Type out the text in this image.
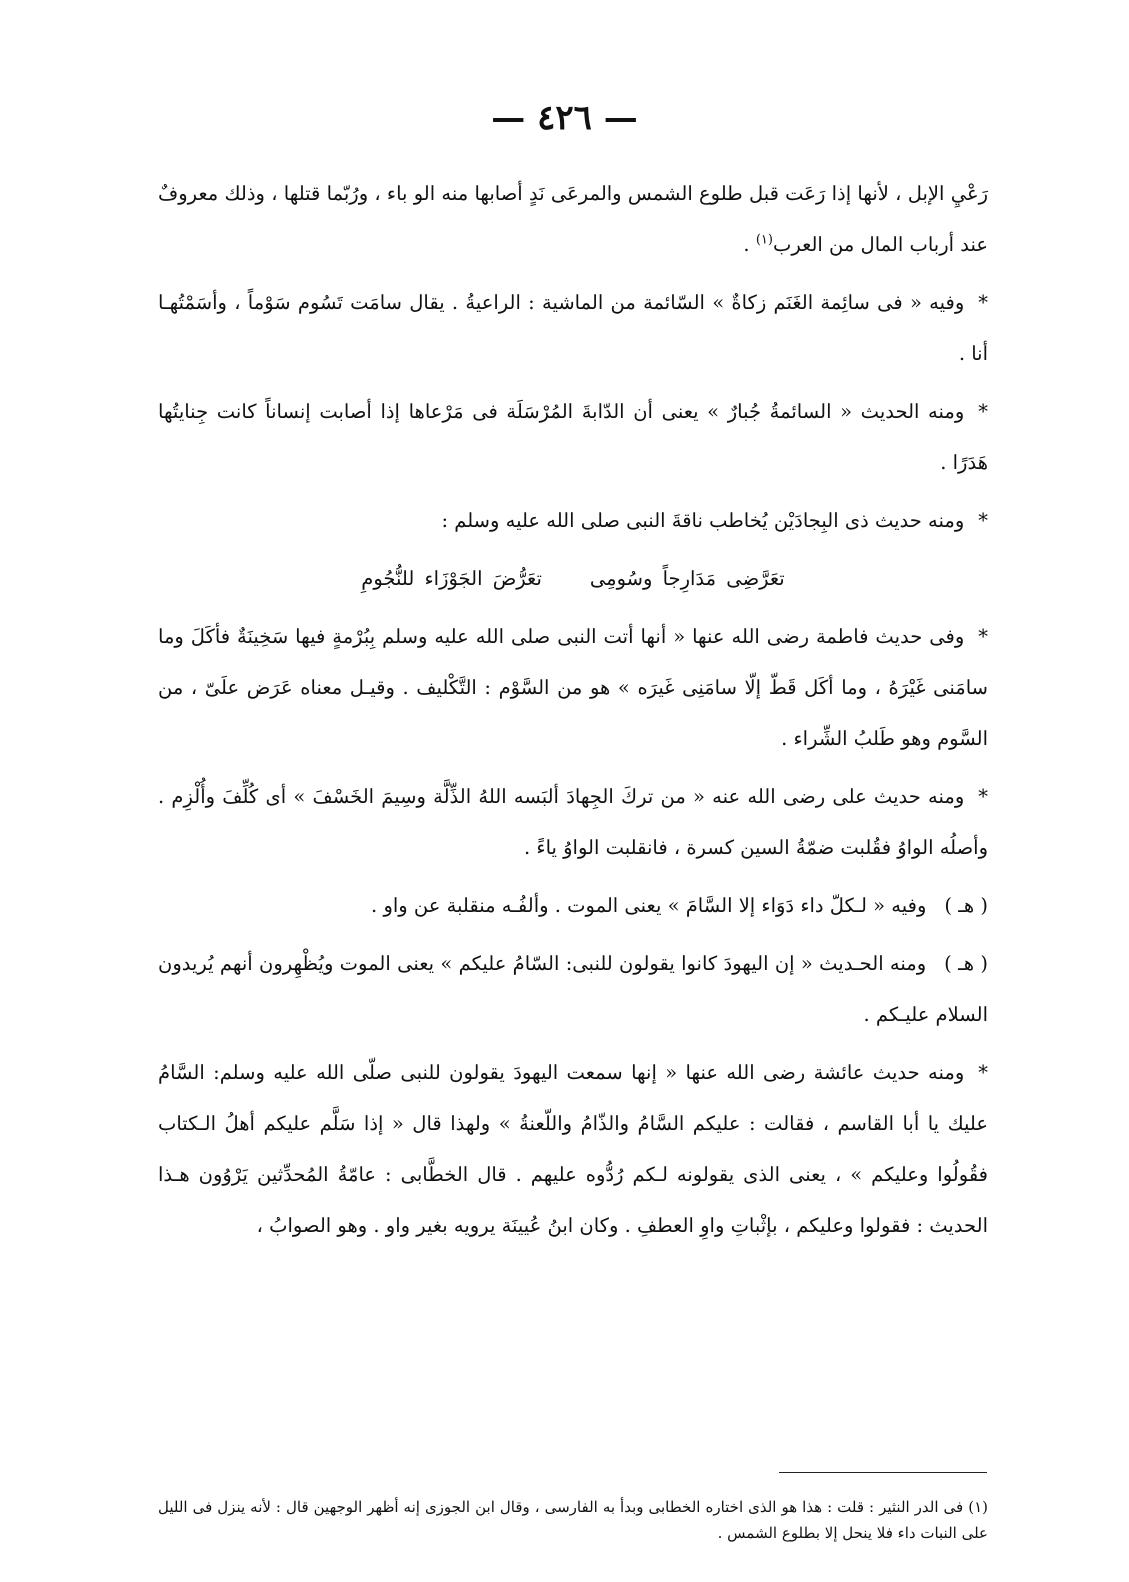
— ٤٢٦ —

رَعْيِ الإبل ، لأنها إذا رَعَت قبل طلوع الشمس والمرعَى نَدٍ أصابها منه الو باء ، ورُبّما قتلها ، وذلك معروفٌ عند أرباب المال من العرب$^{(١)}$ .

*وفيه « فى سائِمة الغَنَم زكاةٌ » السّائمة من الماشية : الراعيةُ . يقال سامَت تَسُوم سَوْماً ، وأسَمْتُهـا أنا .

*ومنه الحديث « السائمةُ جُبارٌ » يعنى أن الدّابةَ المُرْسَلَة فى مَرْعاها إذا أصابت إنساناً كانت جِنايتُها هَدَرًا .

*ومنه حديث ذى البِجادَيْن يُخاطب ناقةَ النبى صلى الله عليه وسلم :

تعَرَّضِى مَدَارِجاً وسُومِىتعَرُّضَ الجَوْزَاء للنُّجُومِ

*وفى حديث فاطمة رضى الله عنها « أنها أتت النبى صلى الله عليه وسلم بِبُرْمةٍ فيها سَخِينَةٌ فأكَلَ وما سامَنى غَيْرَهُ ، وما أكَل قَطّ إلّا سامَنِى غَيرَه » هو من السَّوْم : التَّكْليف . وقيـل معناه عَرَض علَىّ ، من السَّوم وهو طَلبُ الشِّراء .

*ومنه حديث على رضى الله عنه « من تركَ الجِهادَ ألبَسه اللهُ الذِّلَّة وسِيمَ الخَسْفَ » أى كُلِّفَ وأُلْزِم . وأصلُه الواوُ فقُلبت ضمّةُ السين كسرة ، فانقلبت الواوُ ياءً .

( هـ )وفيه « لـكلّ داء دَوَاء إلا السَّامَ » يعنى الموت . وألفُـه منقلبة عن واو .

( هـ )ومنه الحـديث « إن اليهودَ كانوا يقولون للنبى: السّامُ عليكم » يعنى الموت ويُظْهِرون أنهم يُريدون السلام عليـكم .

*ومنه حديث عائشة رضى الله عنها « إنها سمعت اليهودَ يقولون للنبى صلّى الله عليه وسلم: السَّامُ عليك يا أبا القاسم ، فقالت : عليكم السَّامُ والذّامُ واللّعنةُ » ولهذا قال « إذا سَلَّم عليكم أهلُ الـكتاب فقُولُوا وعليكم » ، يعنى الذى يقولونه لـكم رُدُّوه عليهم . قال الخطَّابى : عامّةُ المُحدِّثين يَرْوُون هـذا الحديث : فقولوا وعليكم ، بإثْباتِ واوِ العطفِ . وكان ابنُ عُيينَة يرويه بغير واو . وهو الصوابُ ،

(١) فى الدر النثير : قلت : هذا هو الذى اختاره الخطابى وبدأ به الفارسى ، وقال ابن الجوزى إنه أظهر الوجهين قال : لأنه ينزل فى الليل على النبات داء فلا ينحل إلا بطلوع الشمس .
